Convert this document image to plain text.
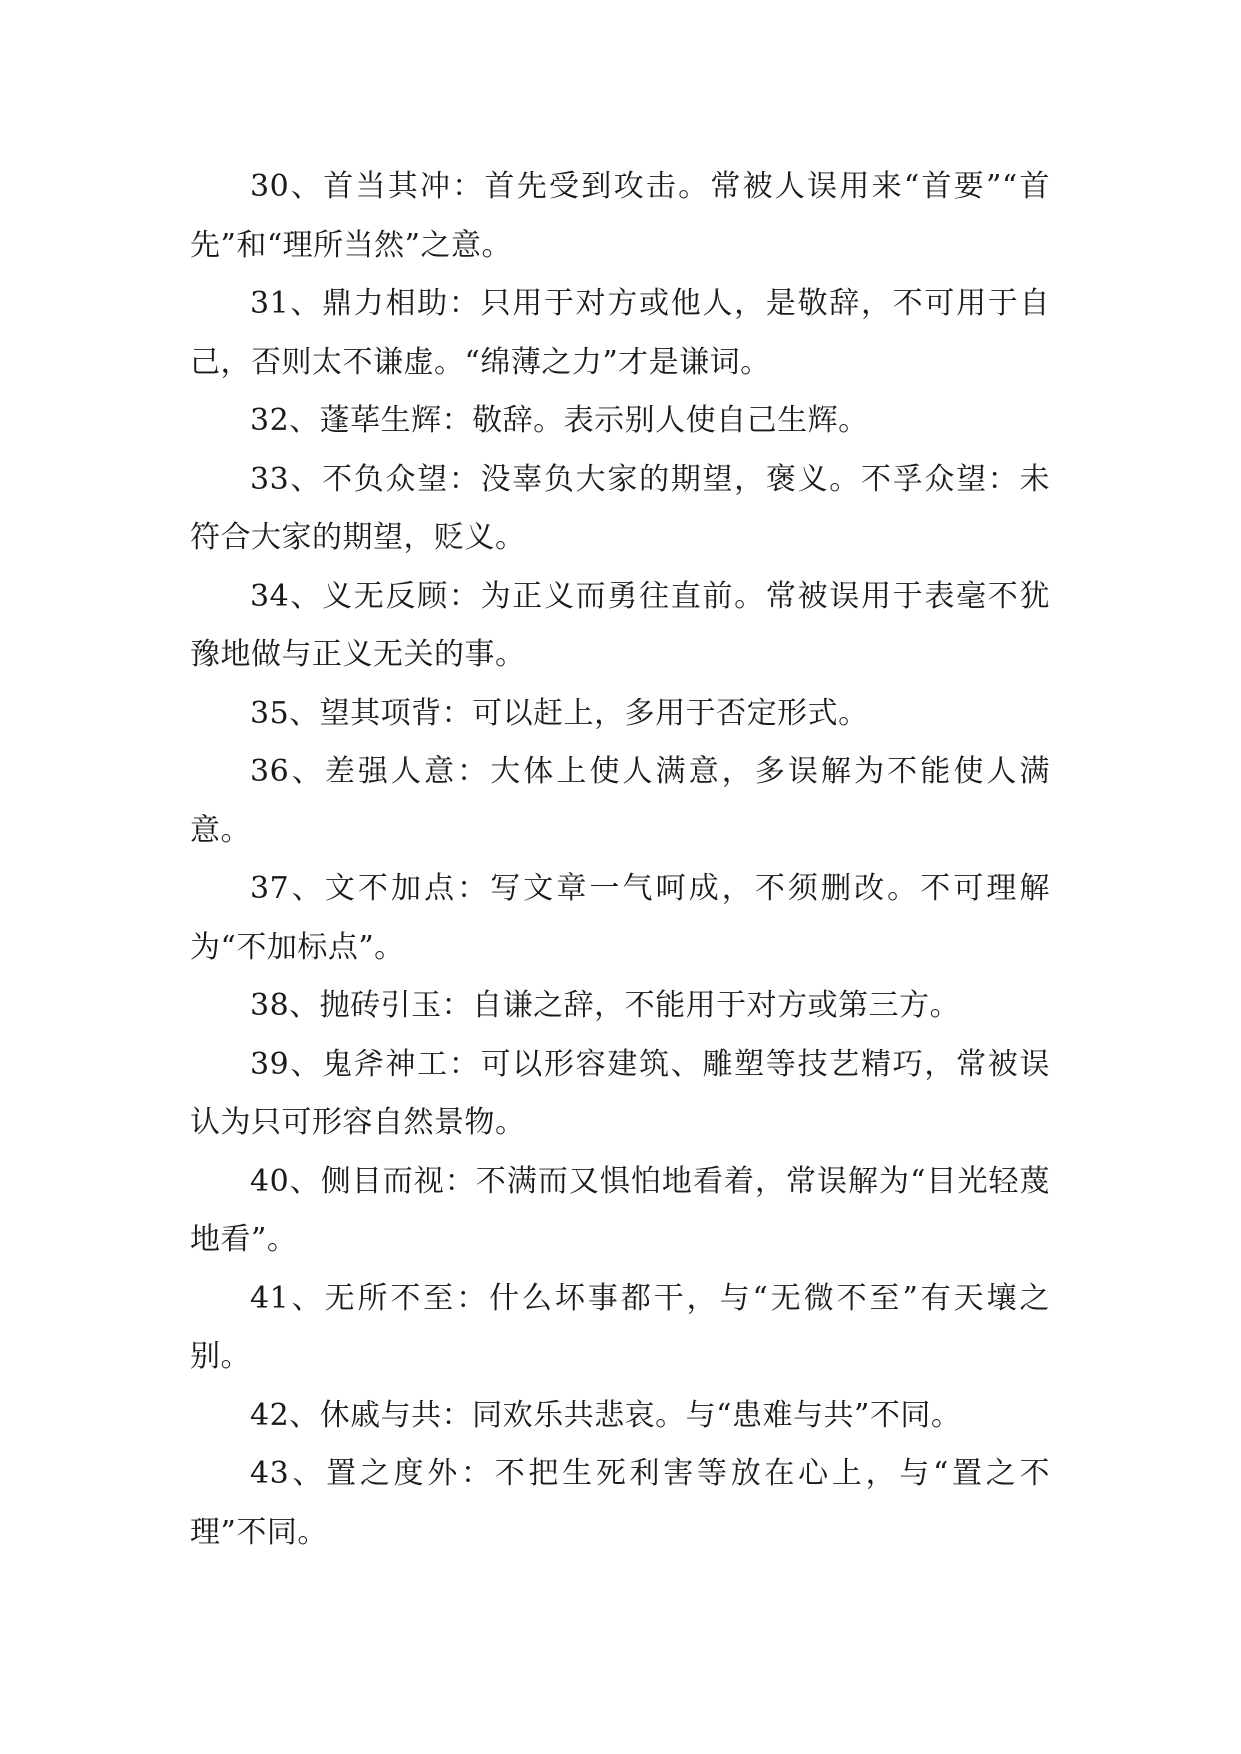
30、首当其冲：首先受到攻击。常被人误用来“首要”“首先”和“理所当然”之意。

31、鼎力相助：只用于对方或他人，是敬辞，不可用于自己，否则太不谦虚。“绵薄之力”才是谦词。

32、蓬荜生辉：敬辞。表示别人使自己生辉。

33、不负众望：没辜负大家的期望，褒义。不孚众望：未符合大家的期望，贬义。

34、义无反顾：为正义而勇往直前。常被误用于表毫不犹豫地做与正义无关的事。

35、望其项背：可以赶上，多用于否定形式。

36、差强人意：大体上使人满意，多误解为不能使人满意。

37、文不加点：写文章一气呵成，不须删改。不可理解为“不加标点”。

38、抛砖引玉：自谦之辞，不能用于对方或第三方。

39、鬼斧神工：可以形容建筑、雕塑等技艺精巧，常被误认为只可形容自然景物。

40、侧目而视：不满而又惧怕地看着，常误解为“目光轻蔑地看”。

41、无所不至：什么坏事都干，与“无微不至”有天壤之别。

42、休戚与共：同欢乐共悲哀。与“患难与共”不同。

43、置之度外：不把生死利害等放在心上，与“置之不理”不同。
